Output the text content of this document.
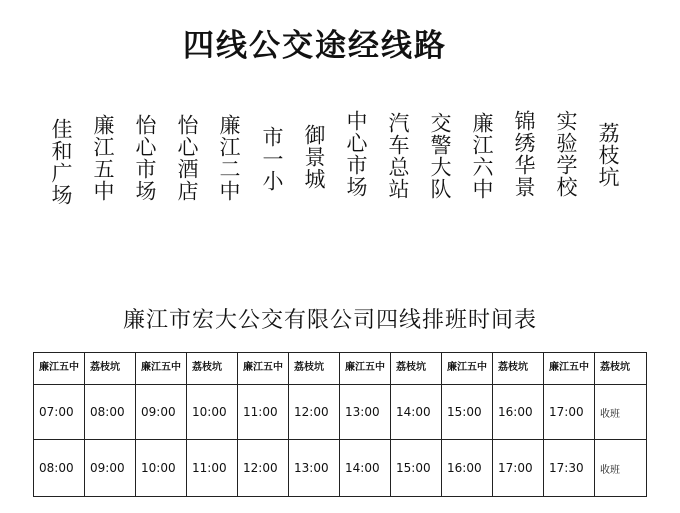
四线公交途经线路
佳和广场 廉江五中 怡心市场 怡心酒店 廉江二中 市一小 御景城 中心市场 汽车总站 交警大队 廉江六中 锦绣华景 实验学校 荔枝坑
廉江市宏大公交有限公司四线排班时间表
廉江五中	荔枝坑	廉江五中	荔枝坑	廉江五中	荔枝坑	廉江五中	荔枝坑	廉江五中	荔枝坑	廉江五中	荔枝坑
07:00	08:00	09:00	10:00	11:00	12:00	13:00	14:00	15:00	16:00	17:00	收班
08:00	09:00	10:00	11:00	12:00	13:00	14:00	15:00	16:00	17:00	17:30	收班
